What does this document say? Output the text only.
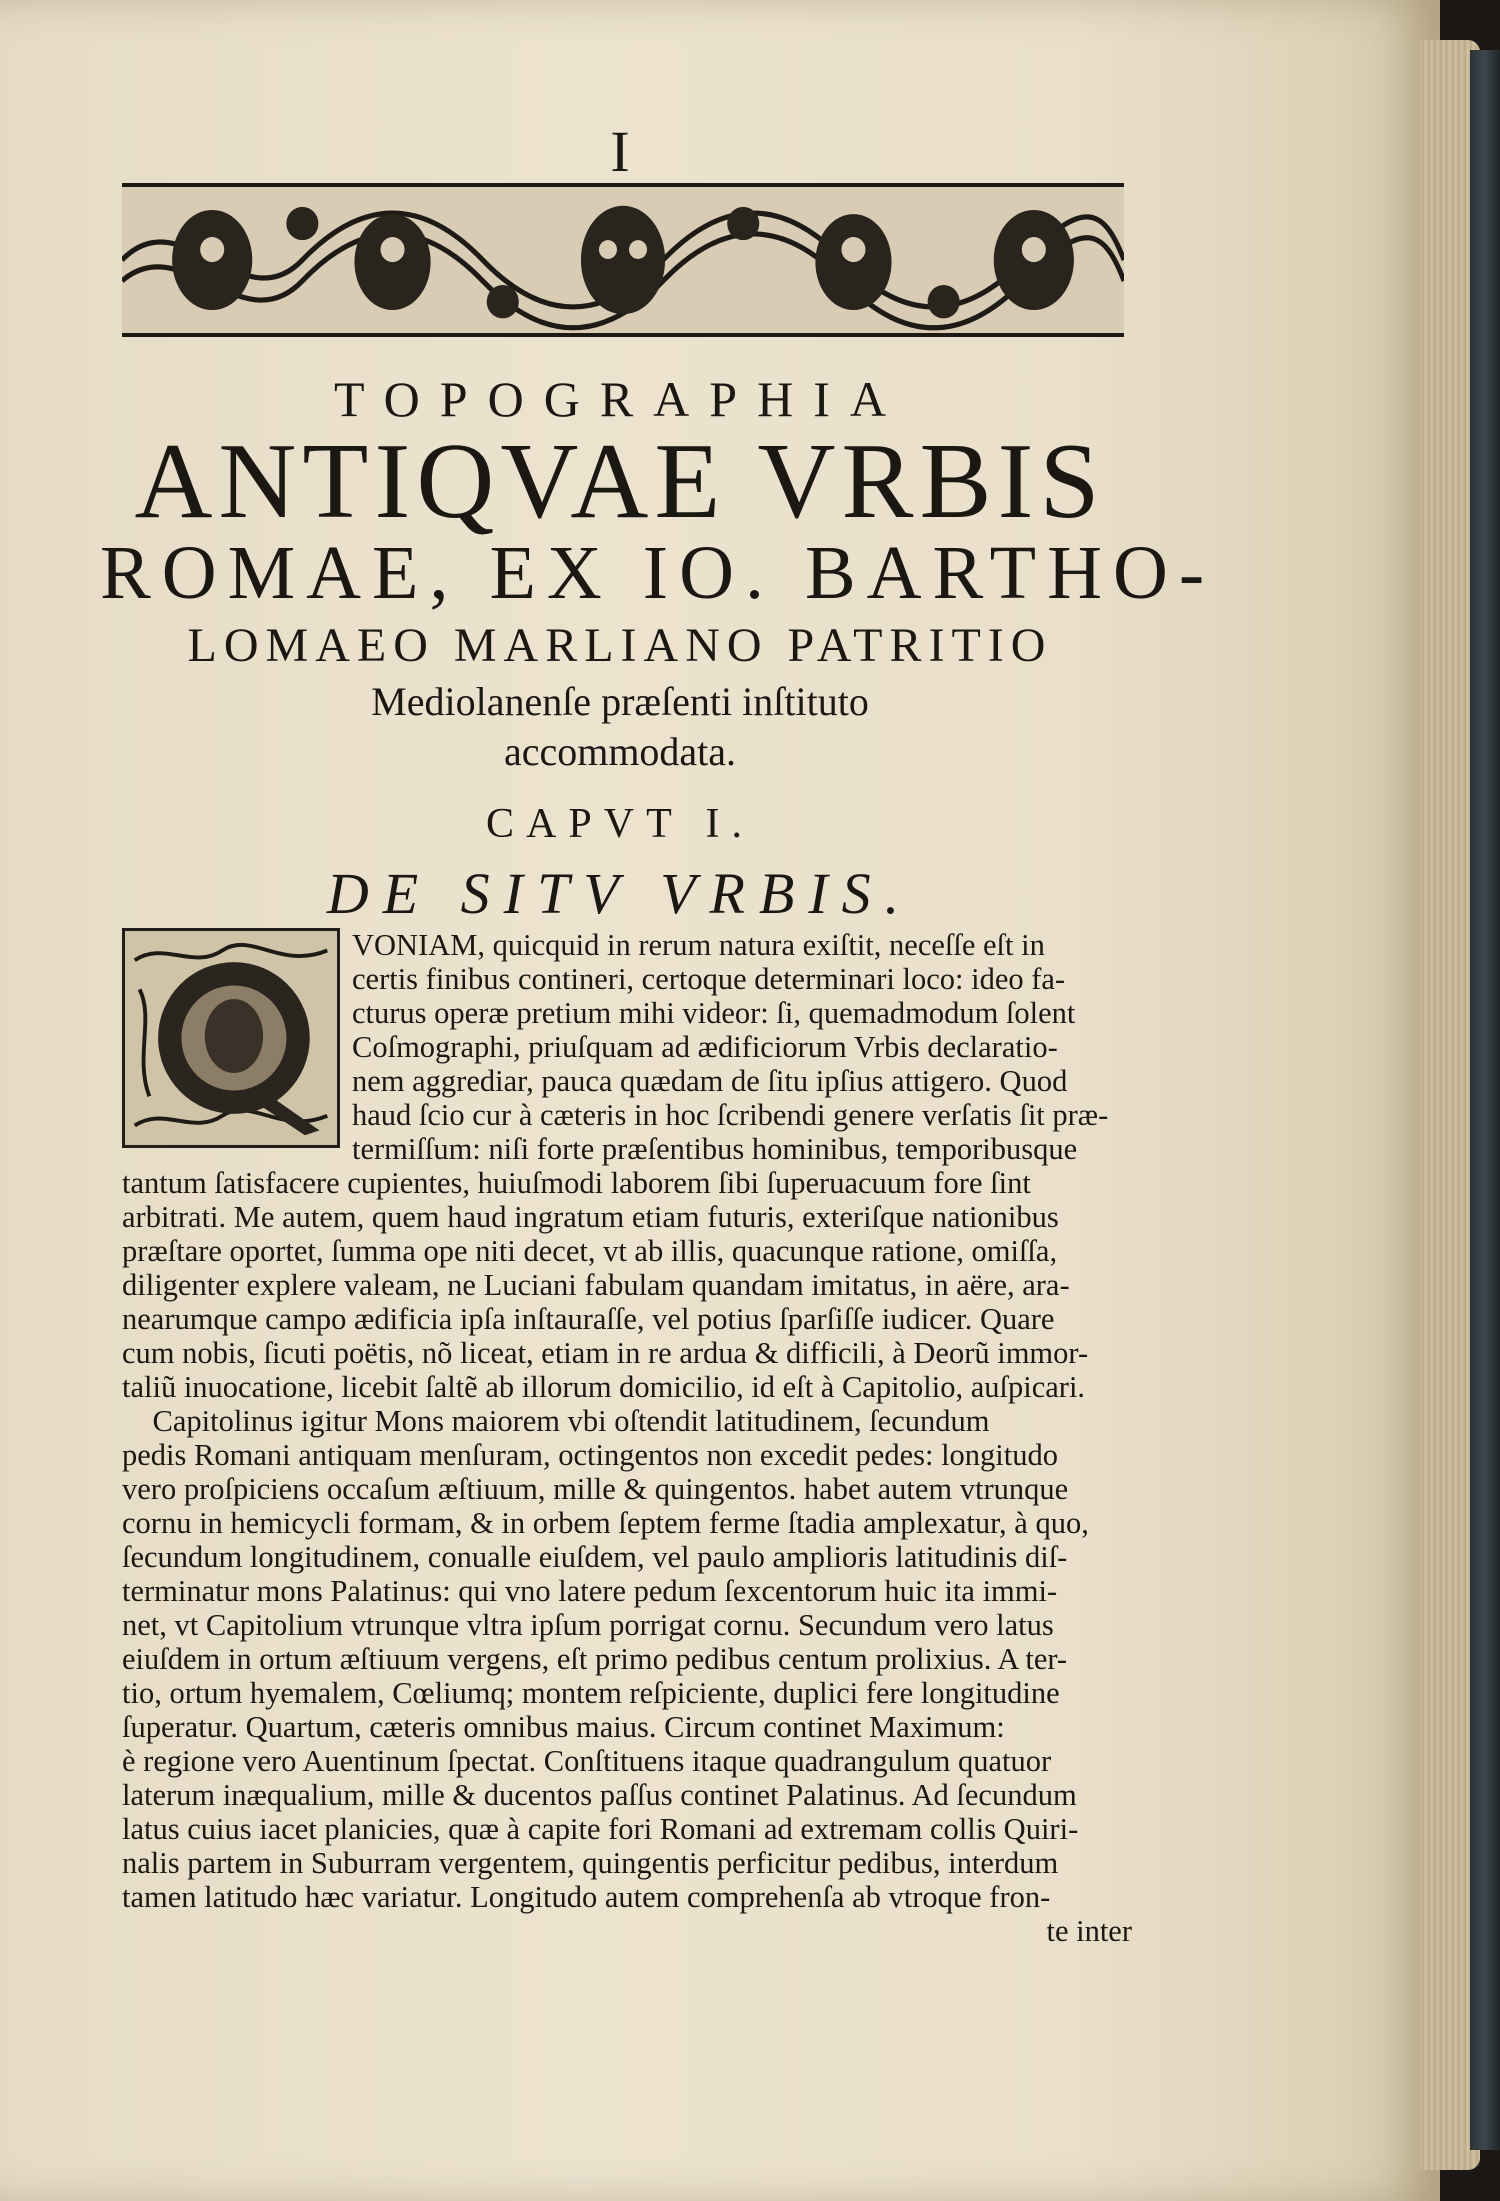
I
TOPOGRAPHIA
ANTIQVAE VRBIS
ROMAE, EX IO. BARTHO-
LOMAEO MARLIANO PATRITIO
Mediolanenſe præſenti inſtituto
accommodata.
CAPVT I.
DE SITV VRBIS.
VONIAM, quicquid in rerum natura exiſtit, neceſſe eſt in
certis finibus contineri, certoque determinari loco: ideo fa-
cturus operæ pretium mihi videor: ſi, quemadmodum ſolent
Coſmographi, priuſquam ad ædificiorum Vrbis declaratio-
nem aggrediar, pauca quædam de ſitu ipſius attigero. Quod
haud ſcio cur à cæteris in hoc ſcribendi genere verſatis ſit præ-
termiſſum: niſi forte præſentibus hominibus, temporibusque
tantum ſatisfacere cupientes, huiuſmodi laborem ſibi ſuperuacuum fore ſint
arbitrati. Me autem, quem haud ingratum etiam futuris, exteriſque nationibus
præſtare oportet, ſumma ope niti decet, vt ab illis, quacunque ratione, omiſſa,
diligenter explere valeam, ne Luciani fabulam quandam imitatus, in aëre, ara-
nearumque campo ædificia ipſa inſtauraſſe, vel potius ſparſiſſe iudicer. Quare
cum nobis, ſicuti poëtis, nõ liceat, etiam in re ardua & difficili, à Deorũ immor-
taliũ inuocatione, licebit ſaltẽ ab illorum domicilio, id eſt à Capitolio, auſpicari.
Capitolinus igitur Mons maiorem vbi oſtendit latitudinem, ſecundum
pedis Romani antiquam menſuram, octingentos non excedit pedes: longitudo
vero proſpiciens occaſum æſtiuum, mille & quingentos. habet autem vtrunque
cornu in hemicycli formam, & in orbem ſeptem ferme ſtadia amplexatur, à quo,
ſecundum longitudinem, conualle eiuſdem, vel paulo amplioris latitudinis diſ-
terminatur mons Palatinus: qui vno latere pedum ſexcentorum huic ita immi-
net, vt Capitolium vtrunque vltra ipſum porrigat cornu. Secundum vero latus
eiuſdem in ortum æſtiuum vergens, eſt primo pedibus centum prolixius. A ter-
tio, ortum hyemalem, Cœliumq; montem reſpiciente, duplici fere longitudine
ſuperatur. Quartum, cæteris omnibus maius. Circum continet Maximum:
è regione vero Auentinum ſpectat. Conſtituens itaque quadrangulum quatuor
laterum inæqualium, mille & ducentos paſſus continet Palatinus. Ad ſecundum
latus cuius iacet planicies, quæ à capite fori Romani ad extremam collis Quiri-
nalis partem in Suburram vergentem, quingentis perficitur pedibus, interdum
tamen latitudo hæc variatur. Longitudo autem comprehenſa ab vtroque fron-
te inter
